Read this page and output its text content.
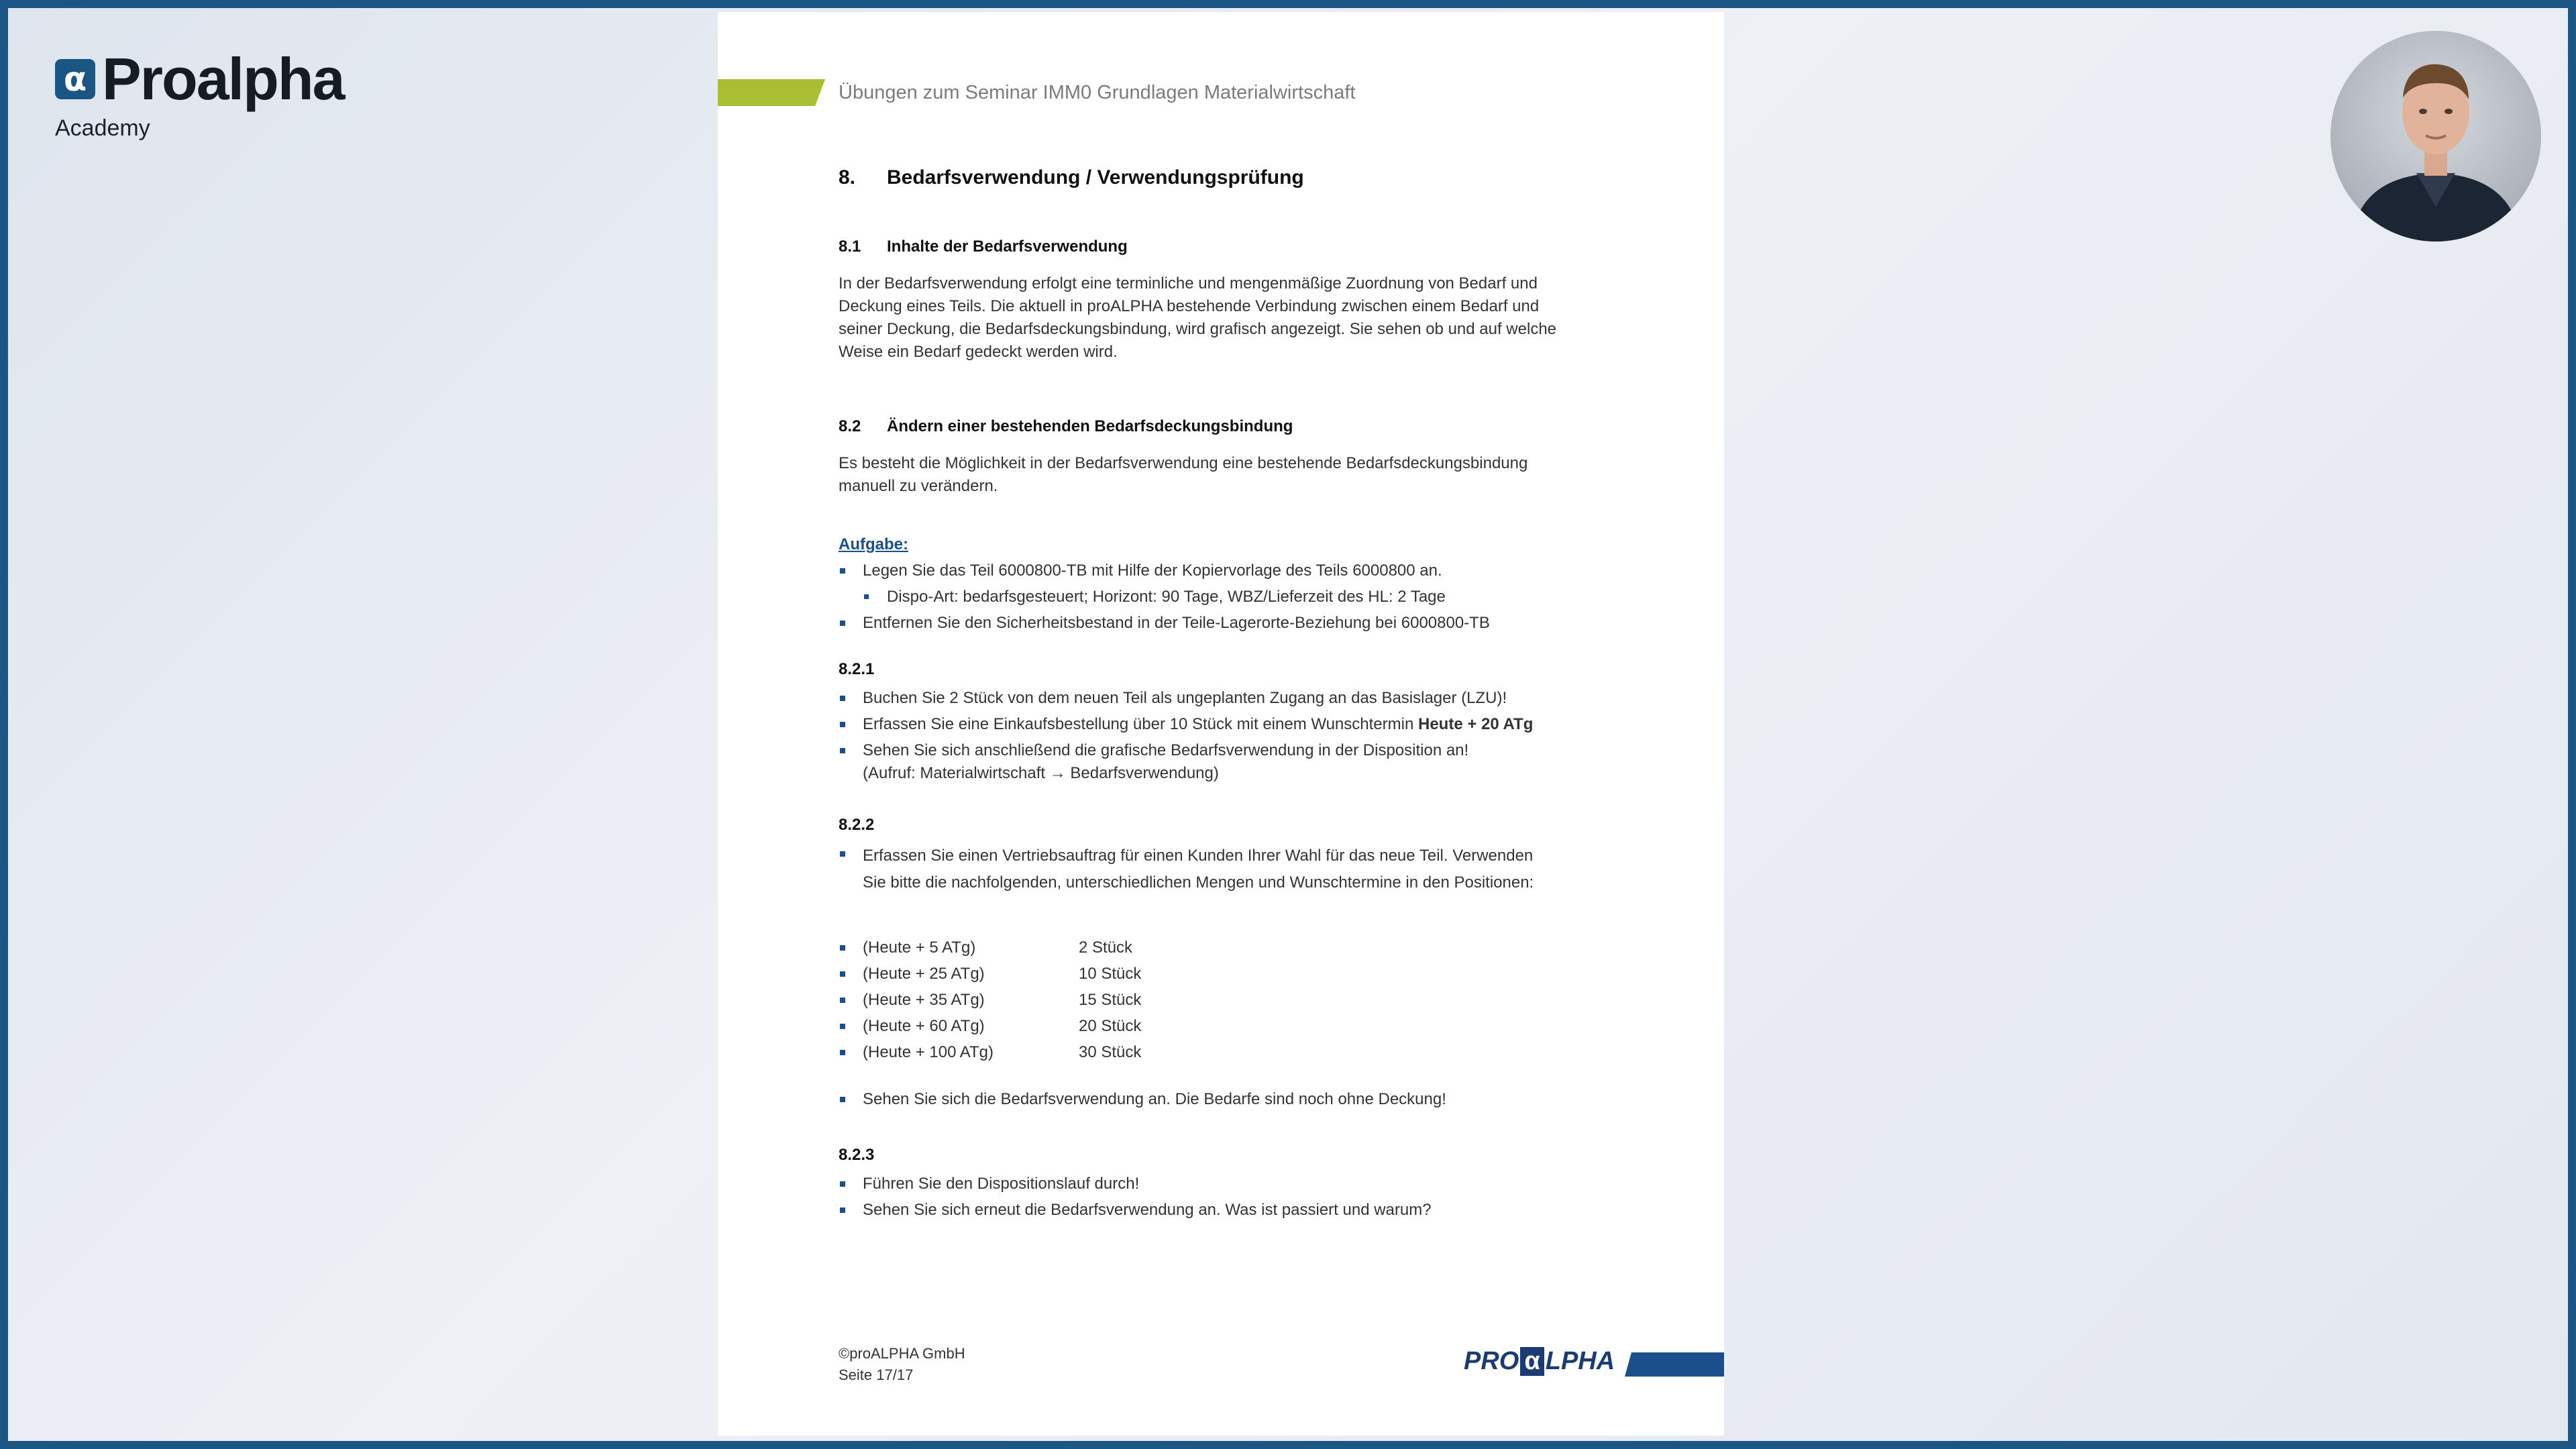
α Proalpha
Academy
Übungen zum Seminar IMM0 Grundlagen Materialwirtschaft
8. Bedarfsverwendung / Verwendungsprüfung
8.1 Inhalte der Bedarfsverwendung

In der Bedarfsverwendung erfolgt eine terminliche und mengenmäßige Zuordnung von Bedarf und
Deckung eines Teils. Die aktuell in proALPHA bestehende Verbindung zwischen einem Bedarf und
seiner Deckung, die Bedarfsdeckungsbindung, wird grafisch angezeigt. Sie sehen ob und auf welche
Weise ein Bedarf gedeckt werden wird.

8.2 Ändern einer bestehenden Bedarfsdeckungsbindung

Es besteht die Möglichkeit in der Bedarfsverwendung eine bestehende Bedarfsdeckungsbindung
manuell zu verändern.

Aufgabe:
Legen Sie das Teil 6000800-TB mit Hilfe der Kopiervorlage des Teils 6000800 an.
Dispo-Art: bedarfsgesteuert; Horizont: 90 Tage, WBZ/Lieferzeit des HL: 2 Tage
Entfernen Sie den Sicherheitsbestand in der Teile-Lagerorte-Beziehung bei 6000800-TB
8.2.1
Buchen Sie 2 Stück von dem neuen Teil als ungeplanten Zugang an das Basislager (LZU)!
Erfassen Sie eine Einkaufsbestellung über 10 Stück mit einem Wunschtermin Heute + 20 ATg
Sehen Sie sich anschließend die grafische Bedarfsverwendung in der Disposition an!
(Aufruf: Materialwirtschaft → Bedarfsverwendung)
8.2.2
Erfassen Sie einen Vertriebsauftrag für einen Kunden Ihrer Wahl für das neue Teil. Verwenden
Sie bitte die nachfolgenden, unterschiedlichen Mengen und Wunschtermine in den Positionen:
(Heute + 5 ATg)	2 Stück
(Heute + 25 ATg)	10 Stück
(Heute + 35 ATg)	15 Stück
(Heute + 60 ATg)	20 Stück
(Heute + 100 ATg)	30 Stück
Sehen Sie sich die Bedarfsverwendung an. Die Bedarfe sind noch ohne Deckung!
8.2.3
Führen Sie den Dispositionslauf durch!
Sehen Sie sich erneut die Bedarfsverwendung an. Was ist passiert und warum?
©proALPHA GmbH
Seite 17/17	PRO α LPHA
